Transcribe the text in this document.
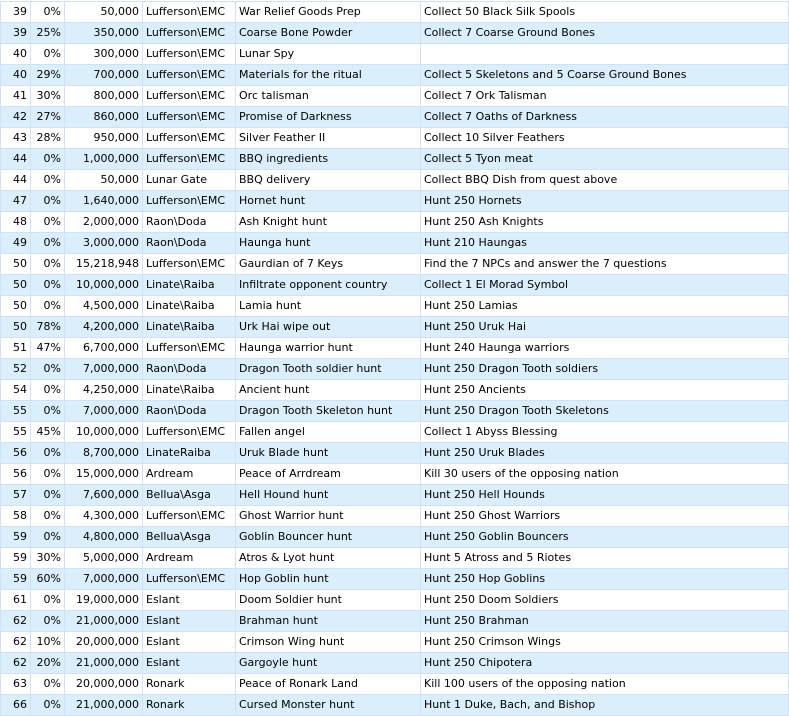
39	0%	50,000	Lufferson\EMC	War Relief Goods Prep	Collect 50 Black Silk Spools
39	25%	350,000	Lufferson\EMC	Coarse Bone Powder	Collect 7 Coarse Ground Bones
40	0%	300,000	Lufferson\EMC	Lunar Spy	
40	29%	700,000	Lufferson\EMC	Materials for the ritual	Collect 5 Skeletons and 5 Coarse Ground Bones
41	30%	800,000	Lufferson\EMC	Orc talisman	Collect 7 Ork Talisman
42	27%	860,000	Lufferson\EMC	Promise of Darkness	Collect 7 Oaths of Darkness
43	28%	950,000	Lufferson\EMC	Silver Feather II	Collect 10 Silver Feathers
44	0%	1,000,000	Lufferson\EMC	BBQ ingredients	Collect 5 Tyon meat
44	0%	50,000	Lunar Gate	BBQ delivery	Collect BBQ Dish from quest above
47	0%	1,640,000	Lufferson\EMC	Hornet hunt	Hunt 250 Hornets
48	0%	2,000,000	Raon\Doda	Ash Knight hunt	Hunt 250 Ash Knights
49	0%	3,000,000	Raon\Doda	Haunga hunt	Hunt 210 Haungas
50	0%	15,218,948	Lufferson\EMC	Gaurdian of 7 Keys	Find the 7 NPCs and answer the 7 questions
50	0%	10,000,000	Linate\Raiba	Infiltrate opponent country	Collect 1 El Morad Symbol
50	0%	4,500,000	Linate\Raiba	Lamia hunt	Hunt 250 Lamias
50	78%	4,200,000	Linate\Raiba	Urk Hai wipe out	Hunt 250 Uruk Hai
51	47%	6,700,000	Lufferson\EMC	Haunga warrior hunt	Hunt 240 Haunga warriors
52	0%	7,000,000	Raon\Doda	Dragon Tooth soldier hunt	Hunt 250 Dragon Tooth soldiers
54	0%	4,250,000	Linate\Raiba	Ancient hunt	Hunt 250 Ancients
55	0%	7,000,000	Raon\Doda	Dragon Tooth Skeleton hunt	Hunt 250 Dragon Tooth Skeletons
55	45%	10,000,000	Lufferson\EMC	Fallen angel	Collect 1 Abyss Blessing
56	0%	8,700,000	LinateRaiba	Uruk Blade hunt	Hunt 250 Uruk Blades
56	0%	15,000,000	Ardream	Peace of Arrdream	Kill 30 users of the opposing nation
57	0%	7,600,000	Bellua\Asga	Hell Hound hunt	Hunt 250 Hell Hounds
58	0%	4,300,000	Lufferson\EMC	Ghost Warrior hunt	Hunt 250 Ghost Warriors
59	0%	4,800,000	Bellua\Asga	Goblin Bouncer hunt	Hunt 250 Goblin Bouncers
59	30%	5,000,000	Ardream	Atros & Lyot hunt	Hunt 5 Atross and 5 Riotes
59	60%	7,000,000	Lufferson\EMC	Hop Goblin hunt	Hunt 250 Hop Goblins
61	0%	19,000,000	Eslant	Doom Soldier hunt	Hunt 250 Doom Soldiers
62	0%	21,000,000	Eslant	Brahman hunt	Hunt 250 Brahman
62	10%	20,000,000	Eslant	Crimson Wing hunt	Hunt 250 Crimson Wings
62	20%	21,000,000	Eslant	Gargoyle hunt	Hunt 250 Chipotera
63	0%	20,000,000	Ronark	Peace of Ronark Land	Kill 100 users of the opposing nation
66	0%	21,000,000	Ronark	Cursed Monster hunt	Hunt 1 Duke, Bach, and Bishop
